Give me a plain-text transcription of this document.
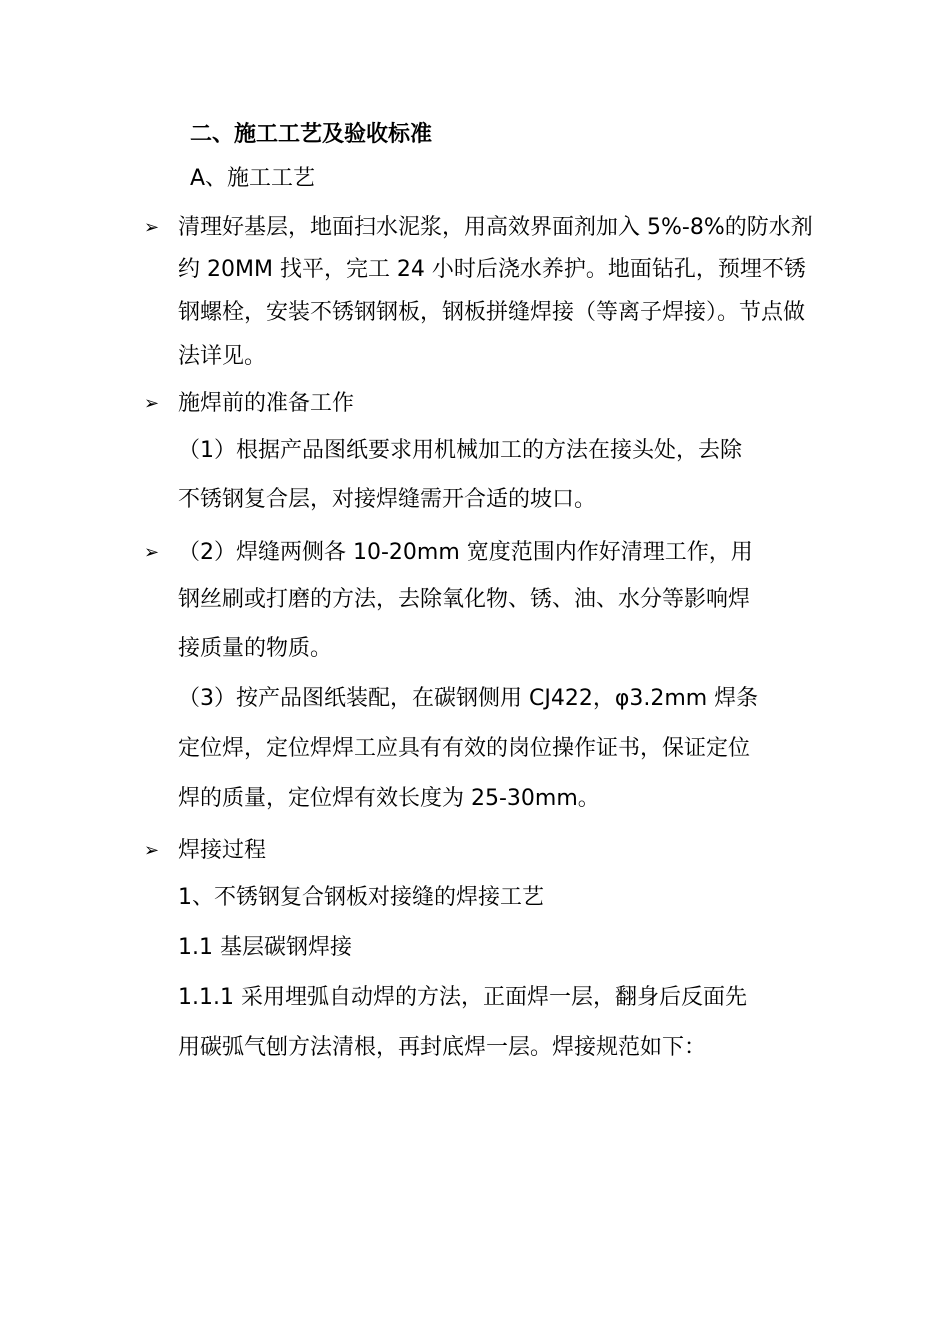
二、施工工艺及验收标准
A、施工工艺
➢ 清理好基层，地面扫水泥浆，用高效界面剂加入 5%-8%的防水剂
约 20MM 找平，完工 24 小时后浇水养护。地面钻孔，预埋不锈
钢螺栓，安装不锈钢钢板，钢板拼缝焊接（等离子焊接）。节点做
法详见。
➢ 施焊前的准备工作
（1）根据产品图纸要求用机械加工的方法在接头处，去除
不锈钢复合层，对接焊缝需开合适的坡口。
➢ （2）焊缝两侧各 10-20mm 宽度范围内作好清理工作，用
钢丝刷或打磨的方法，去除氧化物、锈、油、水分等影响焊
接质量的物质。
（3）按产品图纸装配，在碳钢侧用 CJ422，φ3.2mm 焊条
定位焊，定位焊焊工应具有有效的岗位操作证书，保证定位
焊的质量，定位焊有效长度为 25-30mm。
➢ 焊接过程
1、不锈钢复合钢板对接缝的焊接工艺
1.1 基层碳钢焊接
1.1.1 采用埋弧自动焊的方法，正面焊一层，翻身后反面先
用碳弧气刨方法清根，再封底焊一层。焊接规范如下：
